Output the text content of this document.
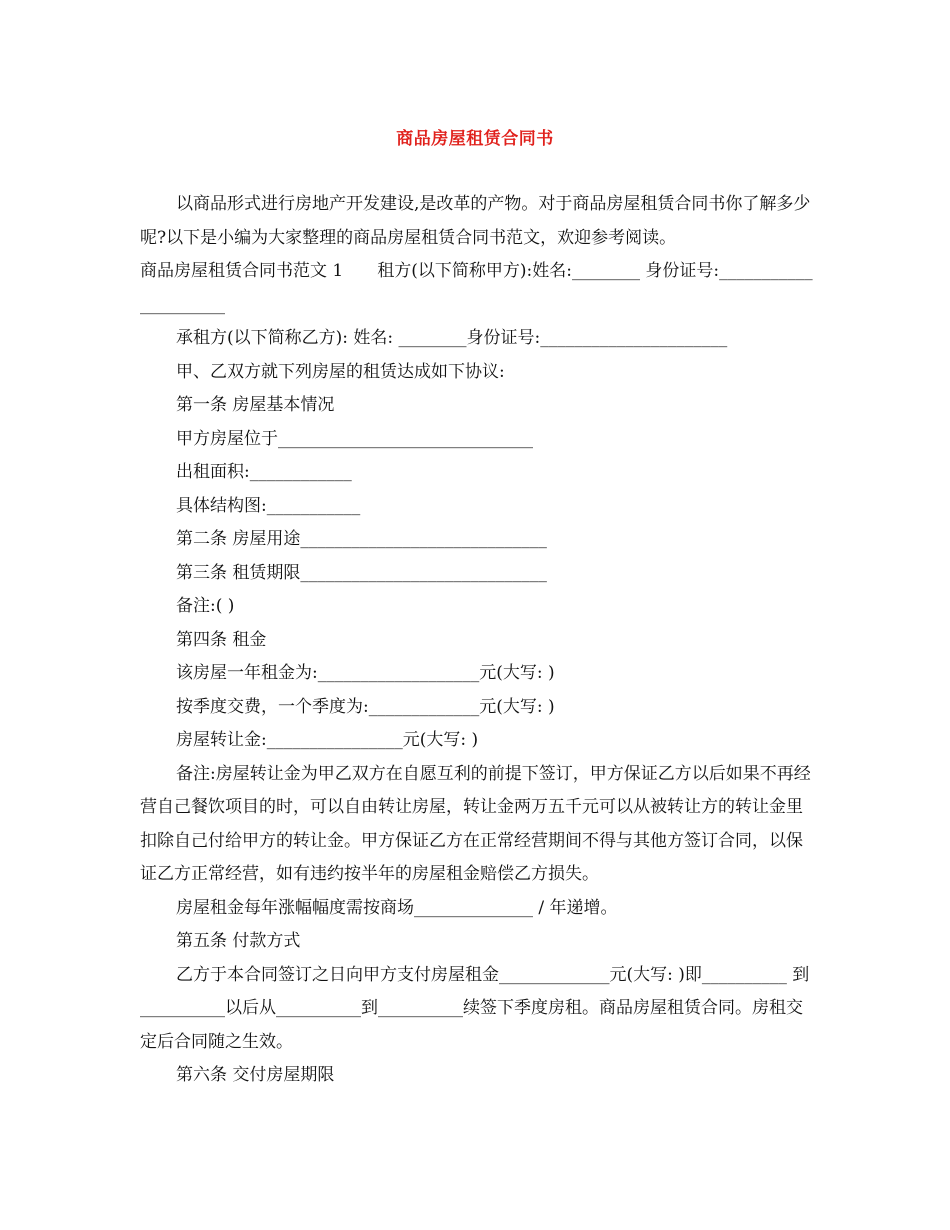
商品房屋租赁合同书

以商品形式进行房地产开发建设,是改革的产物。对于商品房屋租赁合同书你了解多少呢?以下是小编为大家整理的商品房屋租赁合同书范文，欢迎参考阅读。

商品房屋租赁合同书范文 1　　租方(以下简称甲方):姓名:________ 身份证号:_____________________

承租方(以下简称乙方): 姓名: ________身份证号:______________________

甲、乙双方就下列房屋的租赁达成如下协议:

第一条 房屋基本情况

甲方房屋位于______________________________

出租面积:____________

具体结构图:___________

第二条 房屋用途_____________________________

第三条 租赁期限_____________________________

备注:( )

第四条 租金

该房屋一年租金为:___________________元(大写: )

按季度交费，一个季度为:_____________元(大写: )

房屋转让金:________________元(大写: )

备注:房屋转让金为甲乙双方在自愿互利的前提下签订，甲方保证乙方以后如果不再经营自己餐饮项目的时，可以自由转让房屋，转让金两万五千元可以从被转让方的转让金里扣除自己付给甲方的转让金。甲方保证乙方在正常经营期间不得与其他方签订合同，以保证乙方正常经营，如有违约按半年的房屋租金赔偿乙方损失。

房屋租金每年涨幅幅度需按商场______________ / 年递增。

第五条 付款方式

乙方于本合同签订之日向甲方支付房屋租金_____________元(大写: )即__________ 到__________以后从__________到__________续签下季度房租。商品房屋租赁合同。房租交定后合同随之生效。

第六条 交付房屋期限
